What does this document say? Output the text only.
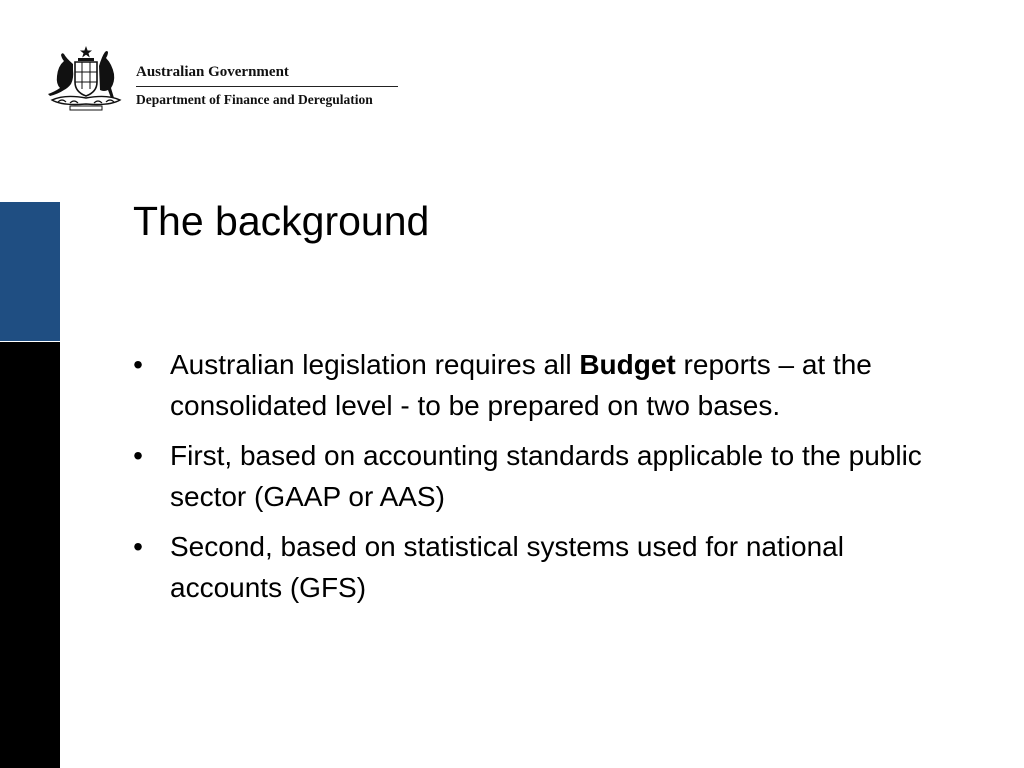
Australian Government
Department of Finance and Deregulation
The background
• Australian legislation requires all Budget reports – at the consolidated level - to be prepared on two bases.
• First, based on accounting standards applicable to the public sector (GAAP or AAS)
• Second, based on statistical systems used for national accounts (GFS)
